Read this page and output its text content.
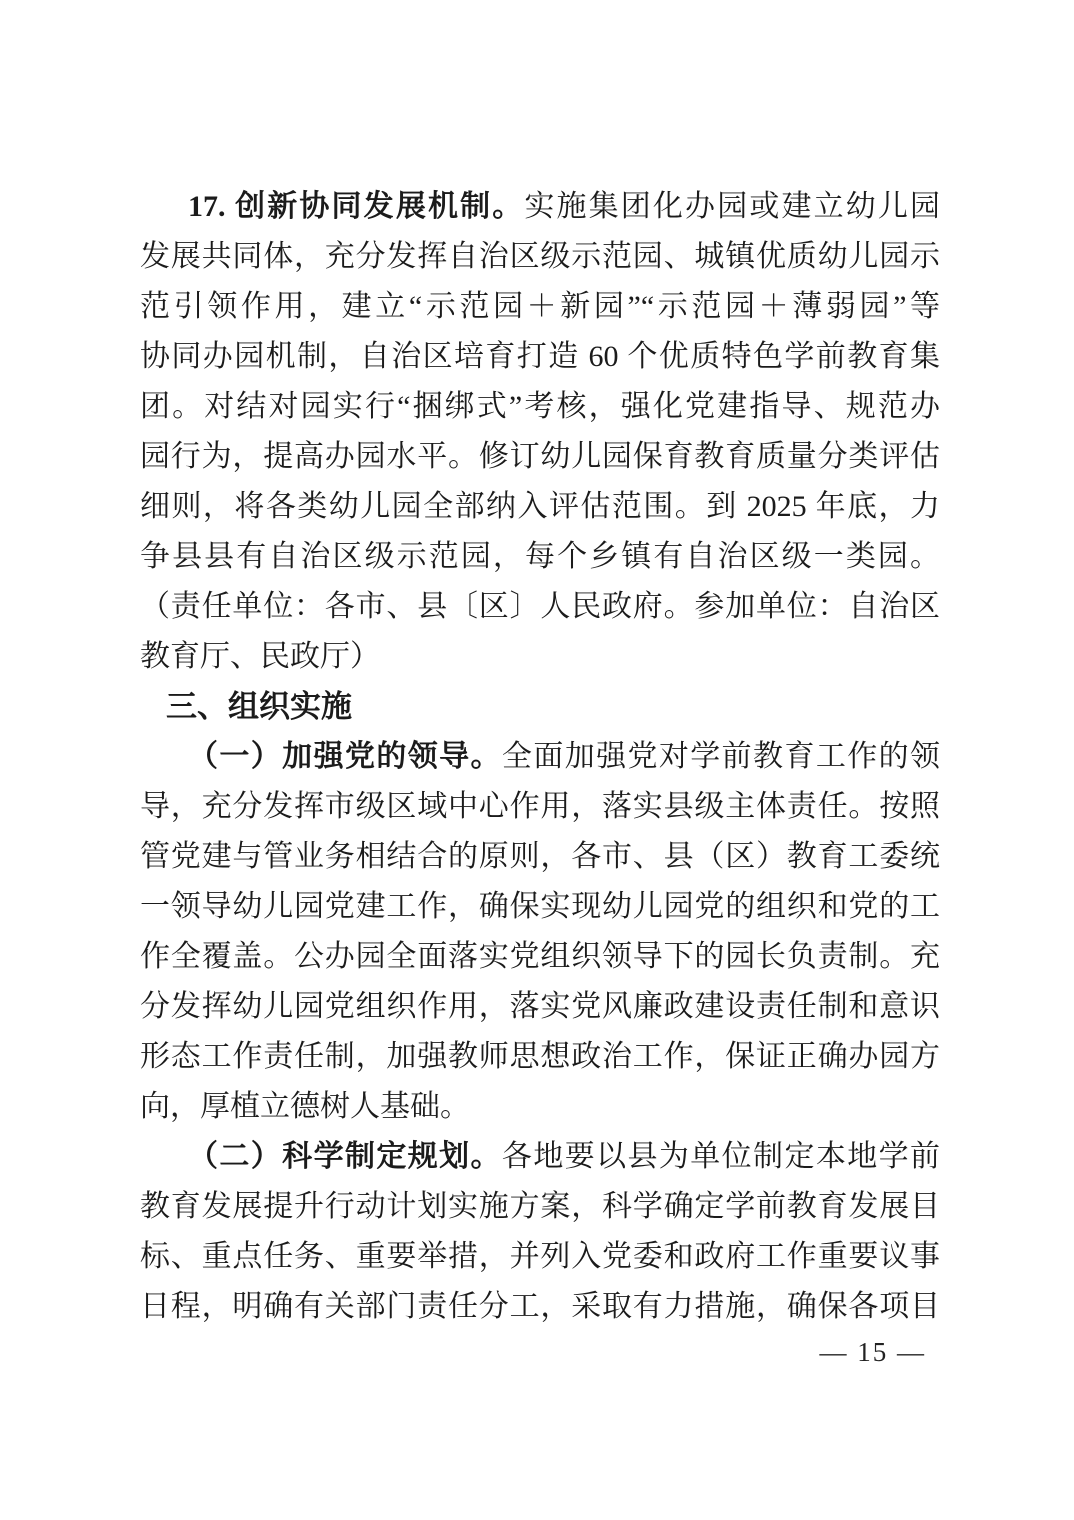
17. 创新协同发展机制。实施集团化办园或建立幼儿园
发展共同体，充分发挥自治区级示范园、城镇优质幼儿园示
范引领作用，建立“示范园＋新园”“示范园＋薄弱园”等
协同办园机制，自治区培育打造 60 个优质特色学前教育集
团。对结对园实行“捆绑式”考核，强化党建指导、规范办
园行为，提高办园水平。修订幼儿园保育教育质量分类评估
细则，将各类幼儿园全部纳入评估范围。到 2025 年底，力
争县县有自治区级示范园，每个乡镇有自治区级一类园。
（责任单位：各市、县〔区〕人民政府。参加单位：自治区
教育厅、民政厅）
三、组织实施
（一）加强党的领导。全面加强党对学前教育工作的领
导，充分发挥市级区域中心作用，落实县级主体责任。按照
管党建与管业务相结合的原则，各市、县（区）教育工委统
一领导幼儿园党建工作，确保实现幼儿园党的组织和党的工
作全覆盖。公办园全面落实党组织领导下的园长负责制。充
分发挥幼儿园党组织作用，落实党风廉政建设责任制和意识
形态工作责任制，加强教师思想政治工作，保证正确办园方
向，厚植立德树人基础。
（二）科学制定规划。各地要以县为单位制定本地学前
教育发展提升行动计划实施方案，科学确定学前教育发展目
标、重点任务、重要举措，并列入党委和政府工作重要议事
日程，明确有关部门责任分工，采取有力措施，确保各项目
— 15 —
